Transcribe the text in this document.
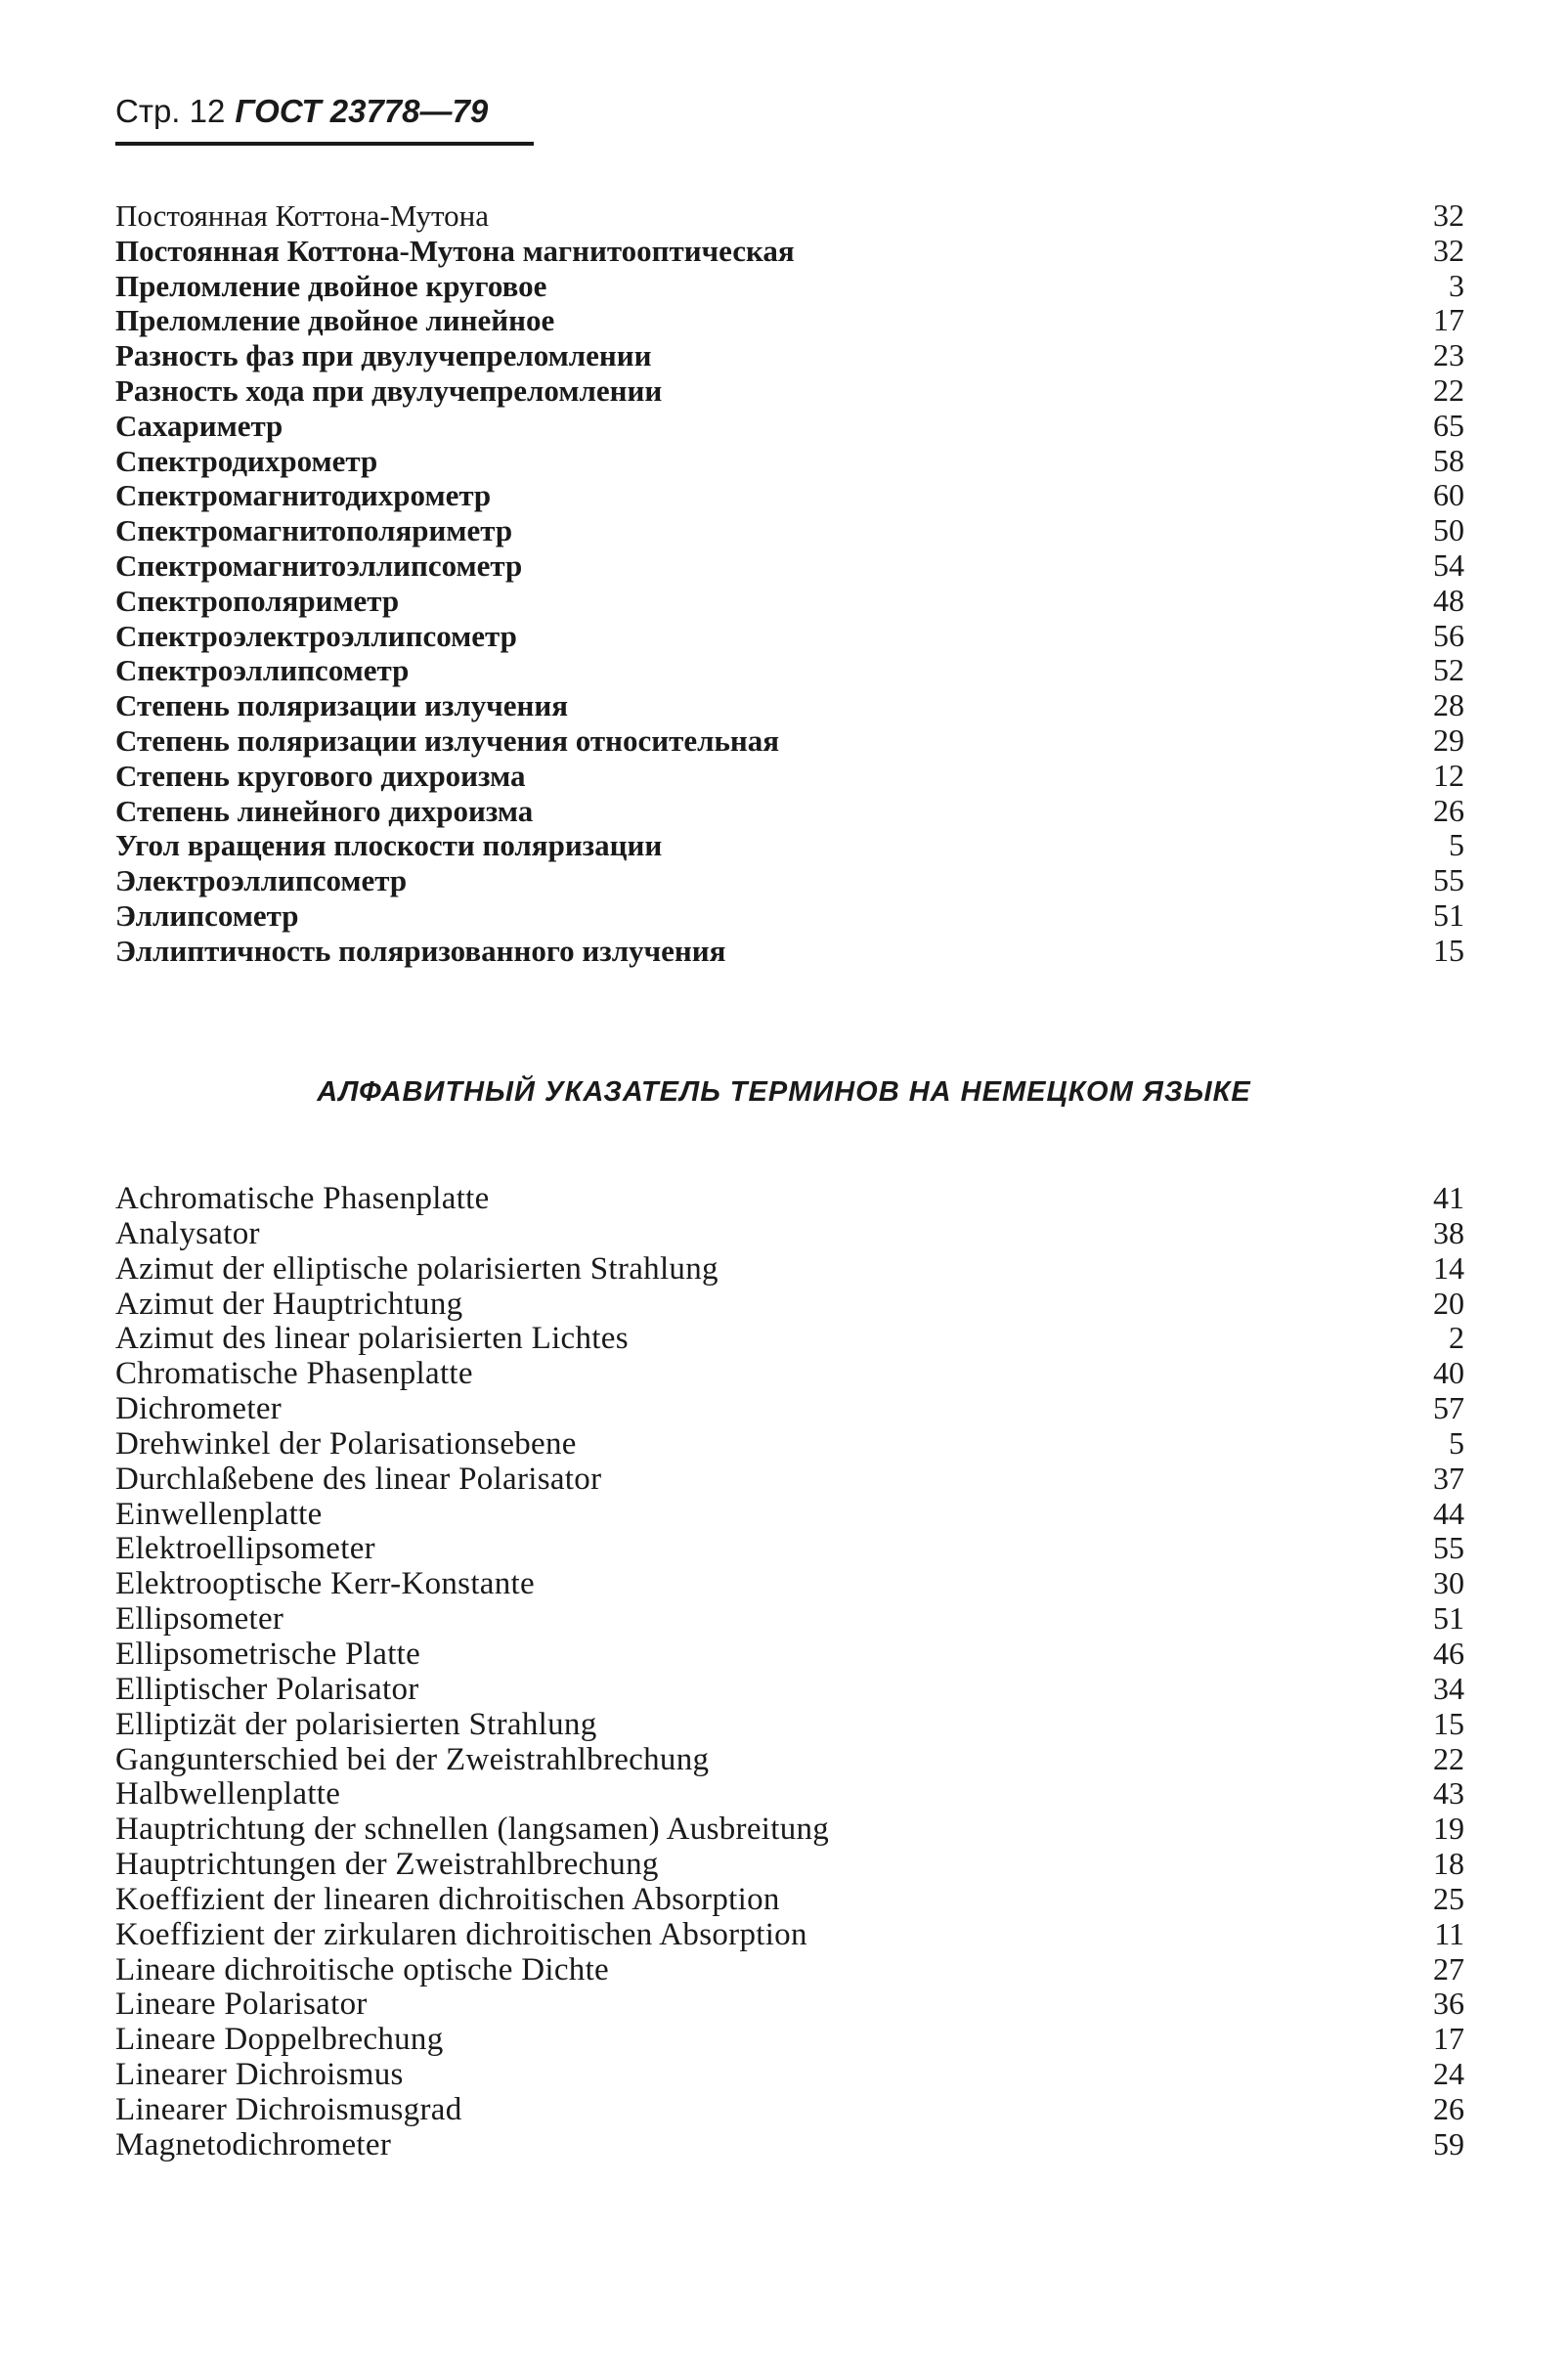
Стр. 12 ГОСТ 23778—79
Постоянная Коттона-Мутона	32
Постоянная Коттона-Мутона магнитооптическая	32
Преломление двойное круговое	3
Преломление двойное линейное	17
Разность фаз при двулучепреломлении	23
Разность хода при двулучепреломлении	22
Сахариметр	65
Спектродихрометр	58
Спектромагнитодихрометр	60
Спектромагнитополяриметр	50
Спектромагнитоэллипсометр	54
Спектрополяриметр	48
Спектроэлектроэллипсометр	56
Спектроэллипсометр	52
Степень поляризации излучения	28
Степень поляризации излучения относительная	29
Степень кругового дихроизма	12
Степень линейного дихроизма	26
Угол вращения плоскости поляризации	5
Электроэллипсометр	55
Эллипсометр	51
Эллиптичность поляризованного излучения	15
АЛФАВИТНЫЙ УКАЗАТЕЛЬ ТЕРМИНОВ НА НЕМЕЦКОМ ЯЗЫКЕ
Achromatische Phasenplatte	41
Analysator	38
Azimut der elliptische polarisierten Strahlung	14
Azimut der Hauptrichtung	20
Azimut des linear polarisierten Lichtes	2
Chromatische Phasenplatte	40
Dichrometer	57
Drehwinkel der Polarisationsebene	5
Durchlaßebene des linear Polarisator	37
Einwellenplatte	44
Elektroellipsometer	55
Elektrooptische Kerr-Konstante	30
Ellipsometer	51
Ellipsometrische Platte	46
Elliptischer Polarisator	34
Elliptizät der polarisierten Strahlung	15
Gangunterschied bei der Zweistrahlbrechung	22
Halbwellenplatte	43
Hauptrichtung der schnellen (langsamen) Ausbreitung	19
Hauptrichtungen der Zweistrahlbrechung	18
Koeffizient der linearen dichroitischen Absorption	25
Koeffizient der zirkularen dichroitischen Absorption	11
Lineare dichroitische optische Dichte	27
Lineare Polarisator	36
Lineare Doppelbrechung	17
Linearer Dichroismus	24
Linearer Dichroismusgrad	26
Magnetodichrometer	59
